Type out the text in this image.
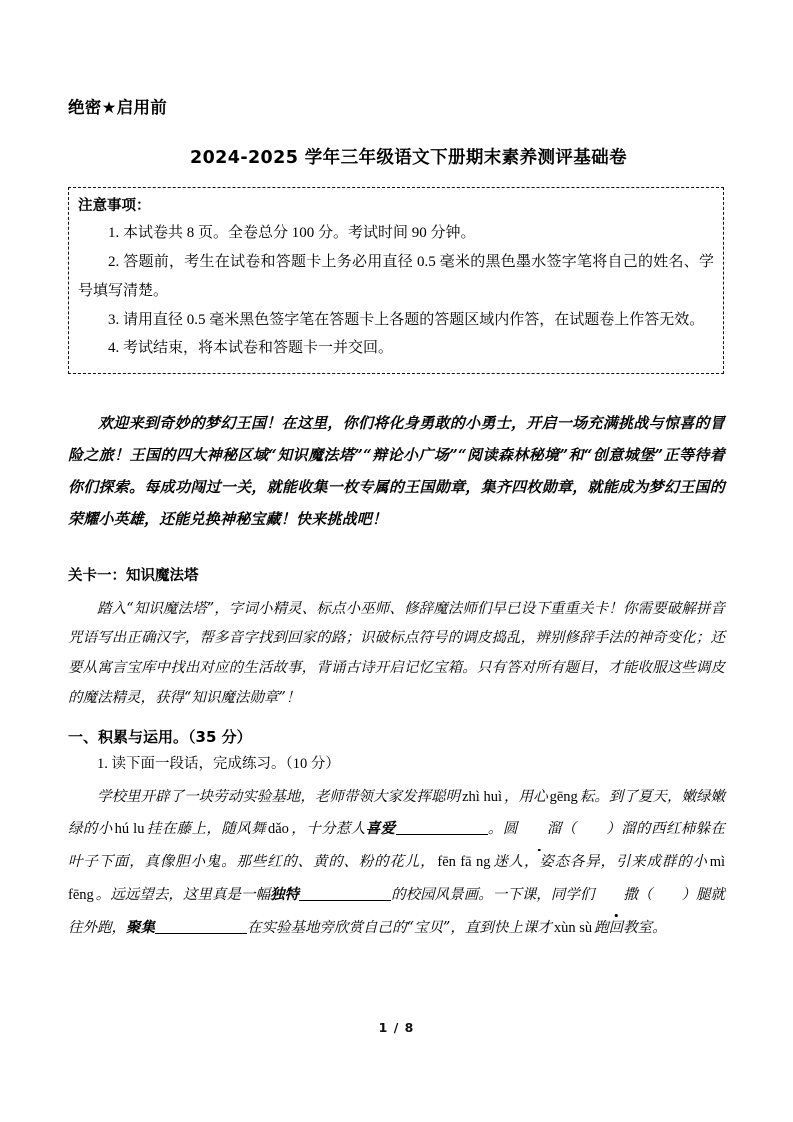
绝密★启用前
2024-2025 学年三年级语文下册期末素养测评基础卷
注意事项：
1. 本试卷共 8 页。全卷总分 100 分。考试时间 90 分钟。
2. 答题前，考生在试卷和答题卡上务必用直径 0.5 毫米的黑色墨水签字笔将自己的姓名、学号填写清楚。
3. 请用直径 0.5 毫米黑色签字笔在答题卡上各题的答题区域内作答，在试题卷上作答无效。
4. 考试结束，将本试卷和答题卡一并交回。
欢迎来到奇妙的梦幻王国！在这里，你们将化身勇敢的小勇士，开启一场充满挑战与惊喜的冒险之旅！王国的四大神秘区域“知识魔法塔”“辩论小广场”“阅读森林秘境”和“创意城堡”正等待着你们探索。每成功闯过一关，就能收集一枚专属的王国勋章，集齐四枚勋章，就能成为梦幻王国的荣耀小英雄，还能兑换神秘宝藏！快来挑战吧！
关卡一：知识魔法塔
踏入“知识魔法塔”，字词小精灵、标点小巫师、修辞魔法师们早已设下重重关卡！你需要破解拼音咒语写出正确汉字，帮多音字找到回家的路；识破标点符号的调皮捣乱，辨别修辞手法的神奇变化；还要从寓言宝库中找出对应的生活故事，背诵古诗开启记忆宝箱。只有答对所有题目，才能收服这些调皮的魔法精灵，获得“知识魔法勋章”！
一、积累与运用。（35 分）
1. 读下面一段话，完成练习。（10 分）
学校里开辟了一块劳动实验基地，老师带领大家发挥聪明 zhì huì ，用心 gēng 耘。到了夏天，嫩绿嫩绿的小 hú lu 挂在藤上，随风舞 dǎo ，十分惹人喜爱	。圆 溜（　　）溜的西红柿躲在叶子下面，真像胆小鬼。那些红的、黄的、粉的花儿， fēn fā ng 迷人，姿态各异，引来成群的小 mì fēng 。远远望去，这里真是一幅独特	的校园风景画。一下课，同学们 撒（　　）腿就往外跑，聚集	在实验基地旁欣赏自己的“宝贝”，直到快上课才 xùn sù 跑回教室。
1 / 8
